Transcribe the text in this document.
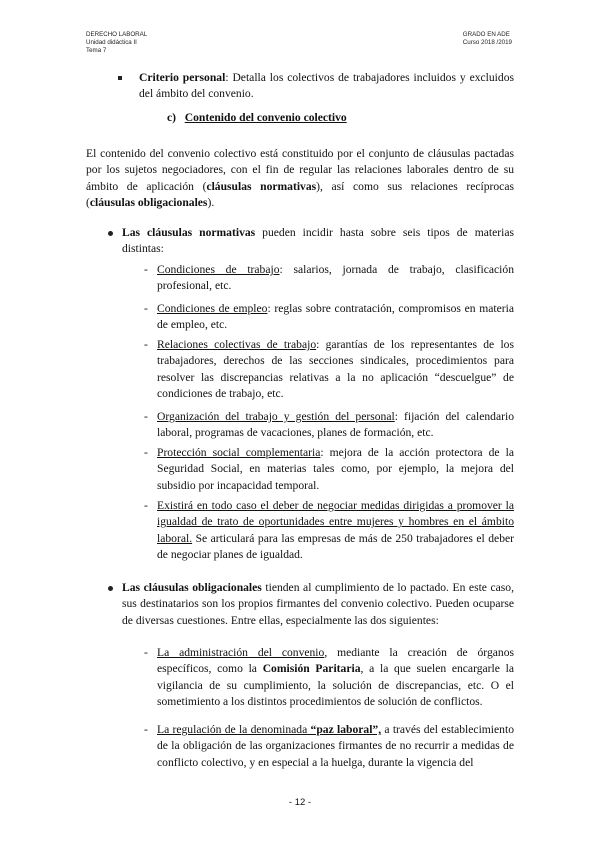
DERECHO LABORAL
Unidad didáctica II
Tema 7
GRADO EN ADE
Curso 2018 /2019
Criterio personal: Detalla los colectivos de trabajadores incluidos y excluidos del ámbito del convenio.
c) Contenido del convenio colectivo
El contenido del convenio colectivo está constituido por el conjunto de cláusulas pactadas por los sujetos negociadores, con el fin de regular las relaciones laborales dentro de su ámbito de aplicación (cláusulas normativas), así como sus relaciones recíprocas (cláusulas obligacionales).
Las cláusulas normativas pueden incidir hasta sobre seis tipos de materias distintas:
- Condiciones de trabajo: salarios, jornada de trabajo, clasificación profesional, etc.
- Condiciones de empleo: reglas sobre contratación, compromisos en materia de empleo, etc.
- Relaciones colectivas de trabajo: garantías de los representantes de los trabajadores, derechos de las secciones sindicales, procedimientos para resolver las discrepancias relativas a la no aplicación “descuelgue” de condiciones de trabajo, etc.
- Organización del trabajo y gestión del personal: fijación del calendario laboral, programas de vacaciones, planes de formación, etc.
- Protección social complementaria: mejora de la acción protectora de la Seguridad Social, en materias tales como, por ejemplo, la mejora del subsidio por incapacidad temporal.
- Existirá en todo caso el deber de negociar medidas dirigidas a promover la igualdad de trato de oportunidades entre mujeres y hombres en el ámbito laboral. Se articulará para las empresas de más de 250 trabajadores el deber de negociar planes de igualdad.
Las cláusulas obligacionales tienden al cumplimiento de lo pactado. En este caso, sus destinatarios son los propios firmantes del convenio colectivo. Pueden ocuparse de diversas cuestiones. Entre ellas, especialmente las dos siguientes:
- La administración del convenio, mediante la creación de órganos específicos, como la Comisión Paritaria, a la que suelen encargarle la vigilancia de su cumplimiento, la solución de discrepancias, etc. O el sometimiento a los distintos procedimientos de solución de conflictos.
- La regulación de la denominada “paz laboral”, a través del establecimiento de la obligación de las organizaciones firmantes de no recurrir a medidas de conflicto colectivo, y en especial a la huelga, durante la vigencia del
- 12 -
